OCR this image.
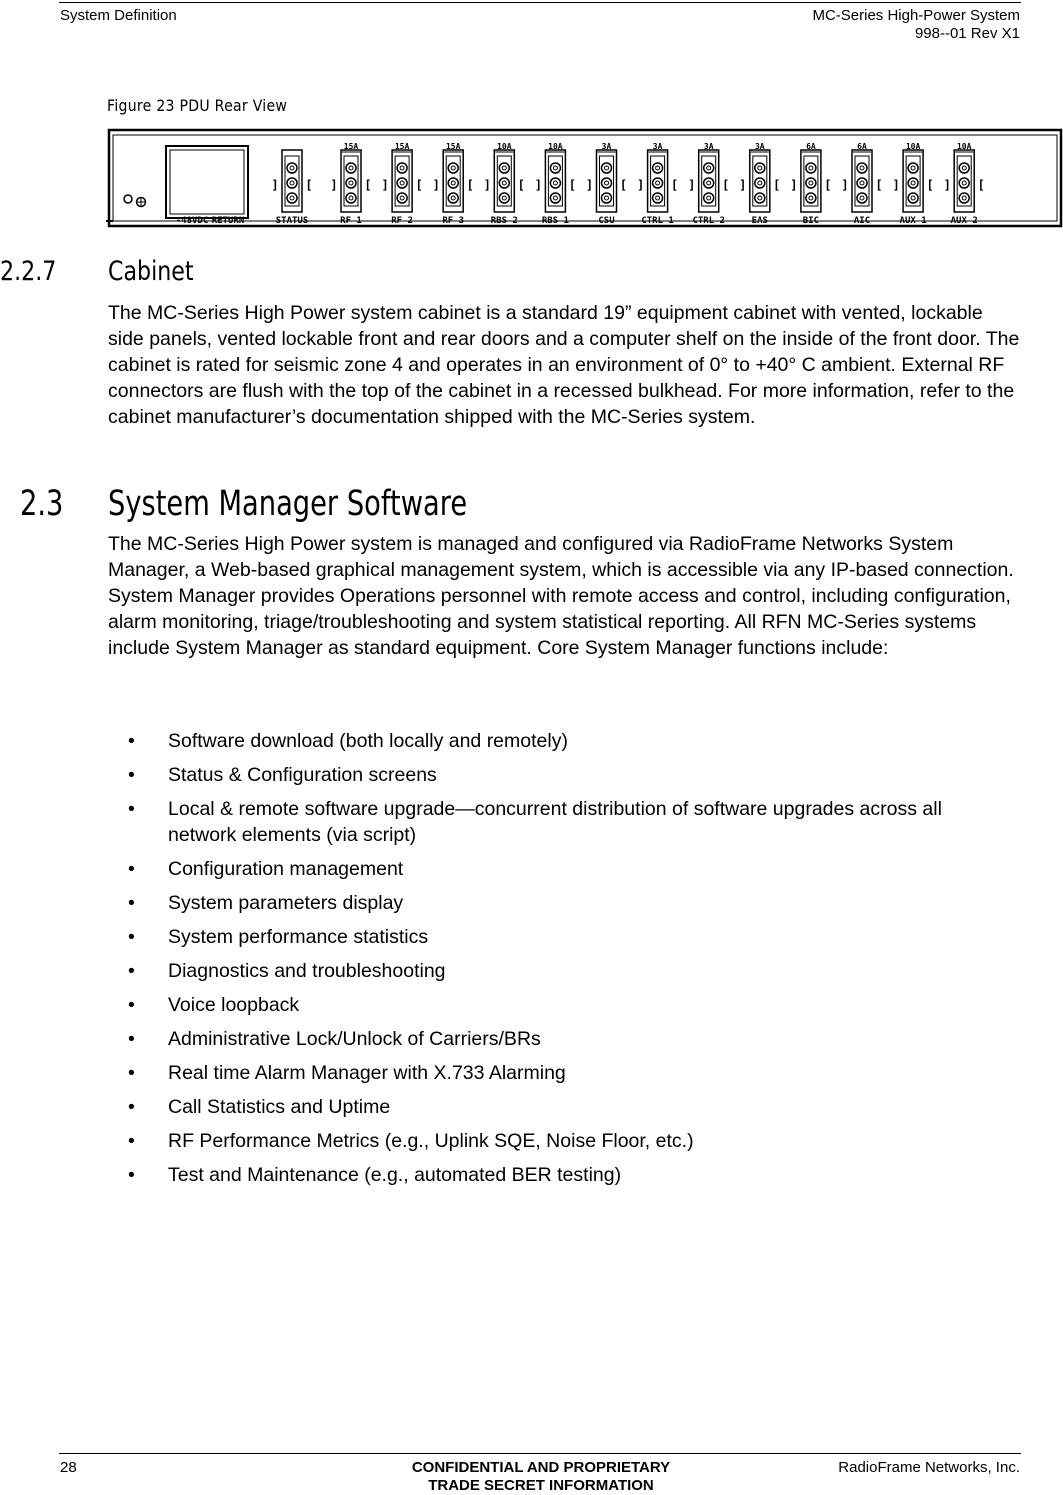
System Definition	MC-Series High-Power System
998--01 Rev X1
Figure 23 PDU Rear View
-48VDC RETURN
] [
STATUS
] [
15A
RF 1
] [
15A
RF 2
] [
15A
RF 3
] [
10A
RBS 2
] [
10A
RBS 1
] [
3A
CSU
] [
3A
CTRL 1
] [
3A
CTRL 2
] [
3A
EAS
] [
6A
BIC
] [
6A
AIC
] [
10A
AUX 1
] [
10A
AUX 2
2.2.7 Cabinet
The MC-Series High Power system cabinet is a standard 19” equipment cabinet with vented, lockable side panels, vented lockable front and rear doors and a computer shelf on the inside of the front door. The cabinet is rated for seismic zone 4 and operates in an environment of 0° to +40° C ambient. External RF connectors are flush with the top of the cabinet in a recessed bulkhead. For more information, refer to the cabinet manufacturer’s documentation shipped with the MC-Series system.
2.3 System Manager Software
The MC-Series High Power system is managed and configured via RadioFrame Networks System Manager, a Web-based graphical management system, which is accessible via any IP-based connection. System Manager provides Operations personnel with remote access and control, including configuration, alarm monitoring, triage/troubleshooting and system statistical reporting. All RFN MC-Series systems include System Manager as standard equipment. Core System Manager functions include:
• Software download (both locally and remotely)
• Status & Configuration screens
• Local & remote software upgrade—concurrent distribution of software upgrades across all network elements (via script)
• Configuration management
• System parameters display
• System performance statistics
• Diagnostics and troubleshooting
• Voice loopback
• Administrative Lock/Unlock of Carriers/BRs
• Real time Alarm Manager with X.733 Alarming
• Call Statistics and Uptime
• RF Performance Metrics (e.g., Uplink SQE, Noise Floor, etc.)
• Test and Maintenance (e.g., automated BER testing)
28	CONFIDENTIAL AND PROPRIETARY
TRADE SECRET INFORMATION
RadioFrame Networks, Inc.
